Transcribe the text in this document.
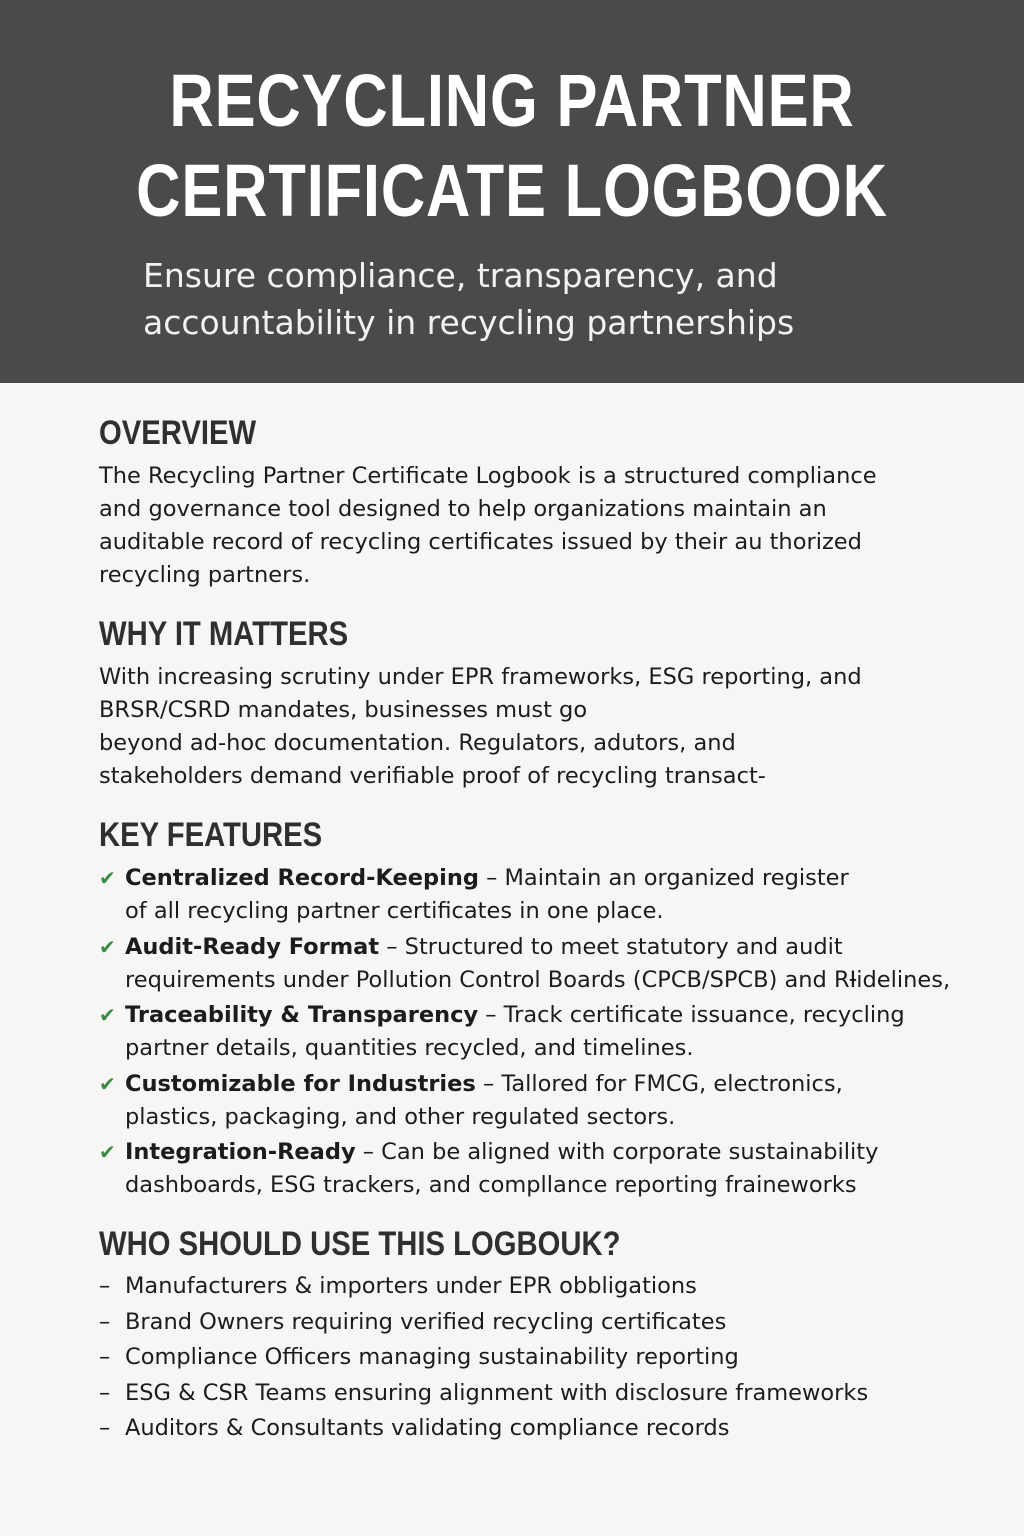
RECYCLING PARTNER
CERTIFICATE LOGBOOK

Ensure compliance, transparency, and
accountability in recycling partnerships

OVERVIEW

The Recycling Partner Certificate Logbook is a structured compliance
and governance tool designed to help organizations maintain an
auditable record of recycling certificates issued by their au thorized
recycling partners.

WHY IT MATTERS

With increasing scrutiny under EPR frameworks, ESG reporting, and
BRSR/CSRD mandates, businesses must go
beyond ad-hoc documentation. Regulators, adutors, and
stakeholders demand verifiable proof of recycling transact-

KEY FEATURES
✔ Centralized Record-Keeping – Maintain an organized register
of all recycling partner certificates in one place.
✔ Audit-Ready Format – Structured to meet statutory and audit
requirements under Pollution Control Boards (CPCB/SPCB) and RƗidelines,
✔ Traceability & Transparency – Track certificate issuance, recycling
partner details, quantities recycled, and timelines.
✔ Customizable for Industries – Tallored for FMCG, electronics,
plastics, packaging, and other regulated sectors.
✔ Integration-Ready – Can be aligned with corporate sustainability
dashboards, ESG trackers, and compllance reporting fraineworks
WHO SHOULD USE THIS LOGBOUK?
– Manufacturers & importers under EPR obbligations
– Brand Owners requiring verified recycling certificates
– Compliance Officers managing sustainability reporting
– ESG & CSR Teams ensuring alignment with disclosure frameworks
– Auditors & Consultants validating compliance records
